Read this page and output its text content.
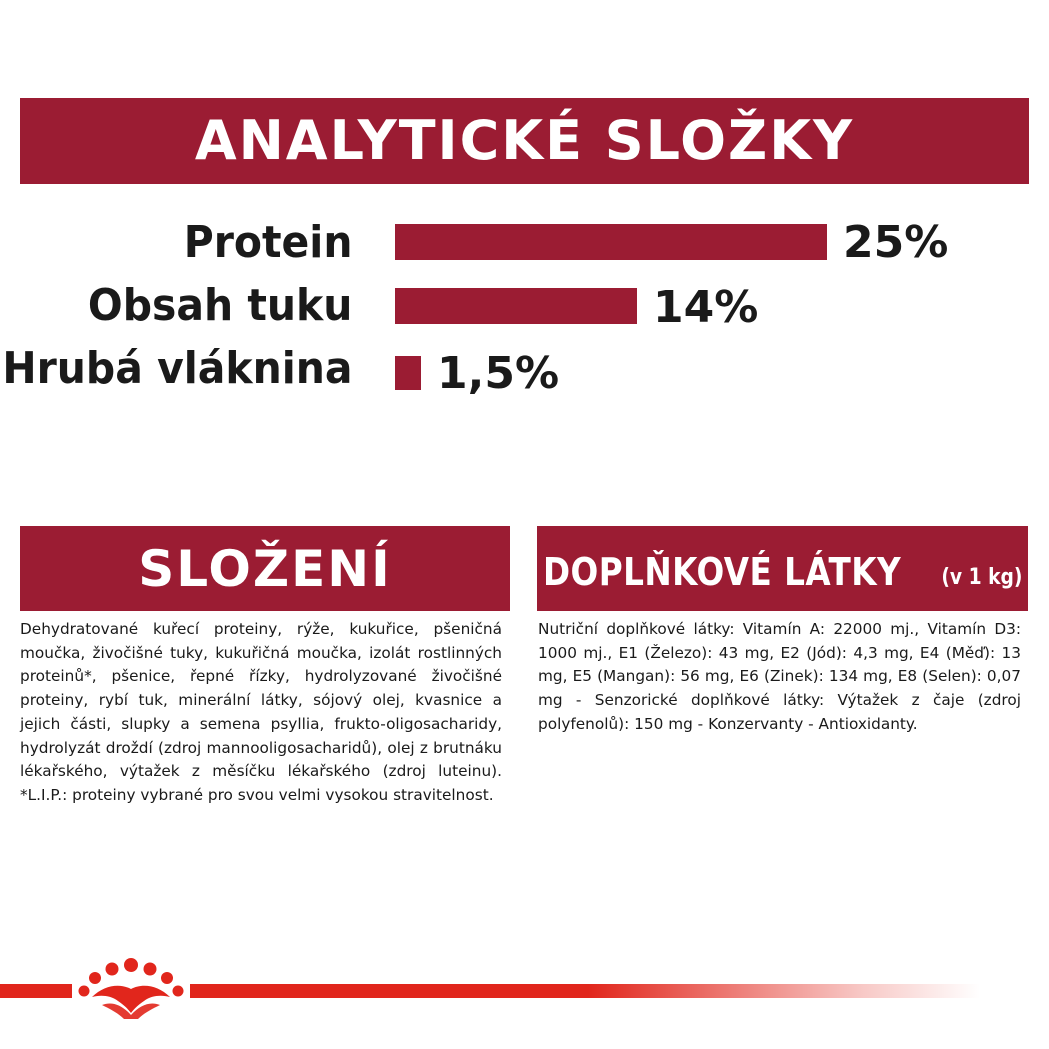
ANALYTICKÉ SLOŽKY
Protein	25%
Obsah tuku	14%
Hrubá vláknina 1,5%
SLOŽENÍ

Dehydratované kuřecí proteiny, rýže, kukuřice, pšeničná moučka, živočišné tuky, kukuřičná moučka, izolát rostlinných proteinů*, pšenice, řepné řízky, hydrolyzované živočišné proteiny, rybí tuk, minerální látky, sójový olej, kvasnice a jejich části, slupky a semena psyllia, frukto-oligosacharidy, hydrolyzát droždí (zdroj mannooligosacharidů), olej z brutnáku lékařského, výtažek z měsíčku lékařského (zdroj luteinu). *L.I.P.: proteiny vybrané pro svou velmi vysokou stravitelnost.

DOPLŇKOVÉ LÁTKY (v 1 kg)

Nutriční doplňkové látky: Vitamín A: 22000 mj., Vitamín D3: 1000 mj., E1 (Železo): 43 mg, E2 (Jód): 4,3 mg, E4 (Měď): 13 mg, E5 (Mangan): 56 mg, E6 (Zinek): 134 mg, E8 (Selen): 0,07 mg - Senzorické doplňkové látky: Výtažek z čaje (zdroj polyfenolů): 150 mg - Konzervanty - Antioxidanty.
